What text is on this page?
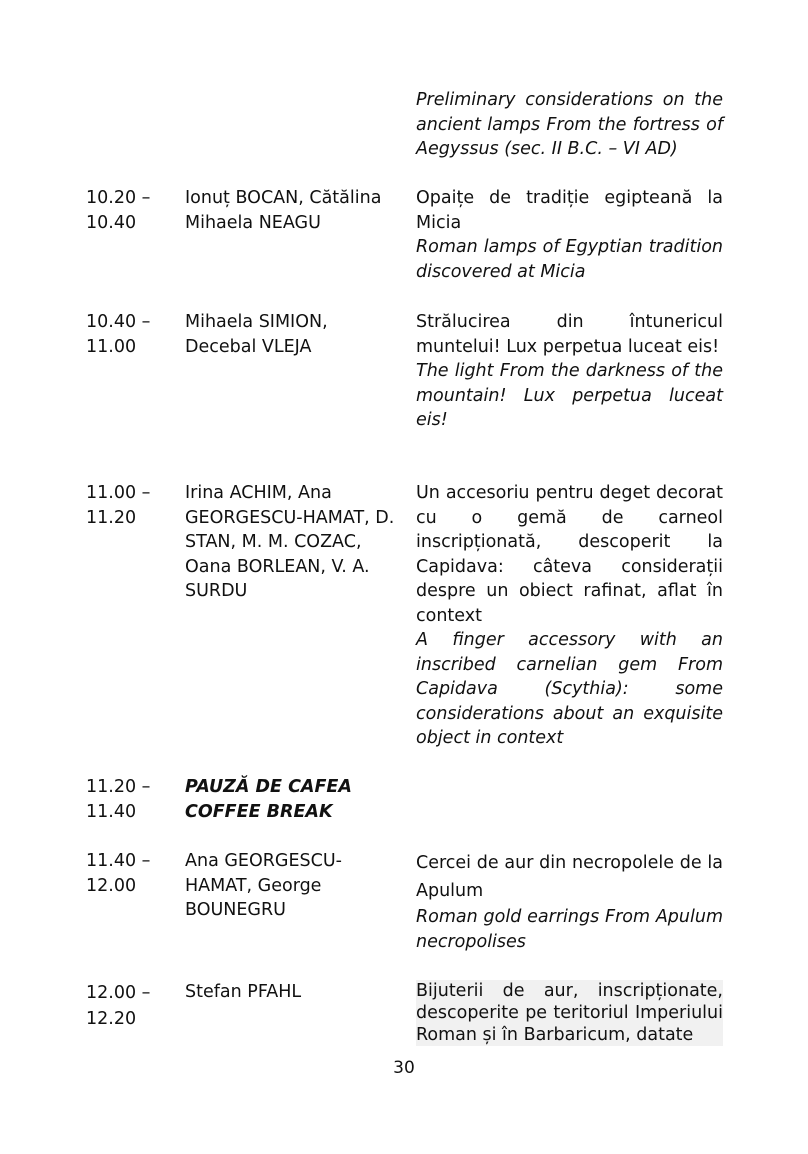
Preliminary considerations on the ancient lamps From the fortress of Aegyssus (sec. II B.C. – VI AD)
10.20 – 10.40
Ionuț BOCAN, Cătălina Mihaela NEAGU
Opaițe de tradiție egipteană la Micia
Roman lamps of Egyptian tradition discovered at Micia
10.40 – 11.00
Mihaela SIMION, Decebal VLEJA
Strălucirea din întunericul muntelui! Lux perpetua luceat eis!
The light From the darkness of the mountain! Lux perpetua luceat eis!
11.00 – 11.20
Irina ACHIM, Ana GEORGESCU-HAMAT, D. STAN, M. M. COZAC, Oana BORLEAN, V. A. SURDU
Un accesoriu pentru deget decorat cu o gemă de carneol inscripționată, descoperit la Capidava: câteva considerații despre un obiect rafinat, aflat în context
A finger accessory with an inscribed carnelian gem From Capidava (Scythia): some considerations about an exquisite object in context
11.20 – 11.40
PAUZĂ DE CAFEA
COFFEE BREAK
11.40 – 12.00
Ana GEORGESCU-HAMAT, George BOUNEGRU
Cercei de aur din necropolele de la Apulum
Roman gold earrings From Apulum necropolises
12.00 – 12.20
Stefan PFAHL	Bijuterii de aur, inscripționate, descoperite pe teritoriul Imperiului Roman și în Barbaricum, datate
30
